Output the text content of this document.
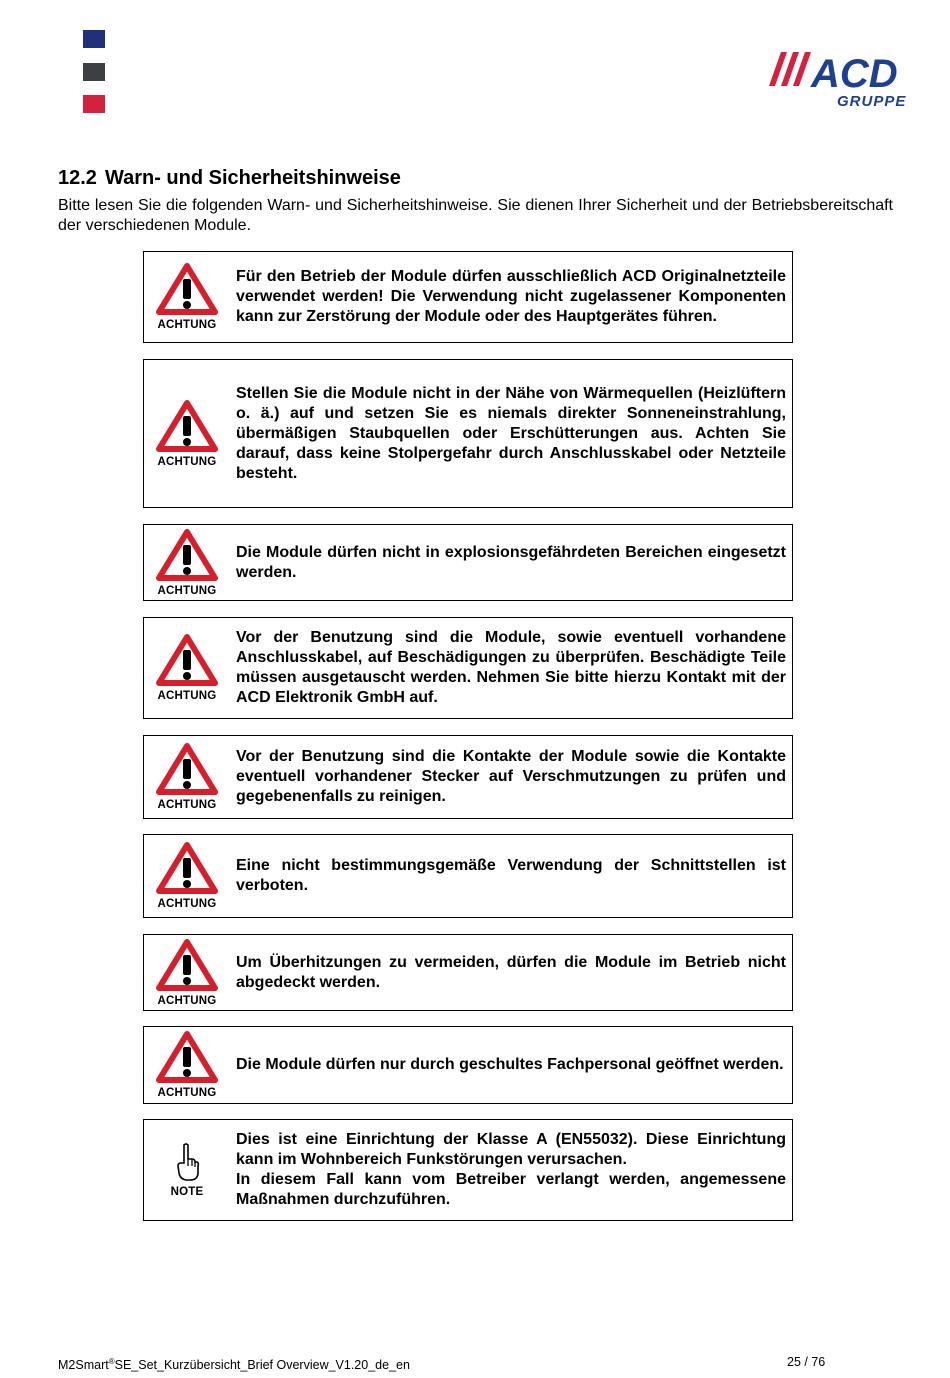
ACD
GRUPPE
12.2 Warn- und Sicherheitshinweise

Bitte lesen Sie die folgenden Warn- und Sicherheitshinweise. Sie dienen Ihrer Sicherheit und der Betriebsbereitschaft der verschiedenen Module.

ACHTUNG

Für den Betrieb der Module dürfen ausschließlich ACD Originalnetzteile verwendet werden! Die Verwendung nicht zugelassener Komponenten kann zur Zerstörung der Module oder des Hauptgerätes führen.

ACHTUNG

Stellen Sie die Module nicht in der Nähe von Wärmequellen (Heizlüftern o. ä.) auf und setzen Sie es niemals direkter Sonneneinstrahlung, übermäßigen Staubquellen oder Erschütterungen aus. Achten Sie darauf, dass keine Stolpergefahr durch Anschlusskabel oder Netzteile besteht.

ACHTUNG

Die Module dürfen nicht in explosionsgefährdeten Bereichen eingesetzt werden.

ACHTUNG

Vor der Benutzung sind die Module, sowie eventuell vorhandene Anschlusskabel, auf Beschädigungen zu überprüfen. Beschädigte Teile müssen ausgetauscht werden. Nehmen Sie bitte hierzu Kontakt mit der ACD Elektronik GmbH auf.

ACHTUNG

Vor der Benutzung sind die Kontakte der Module sowie die Kontakte eventuell vorhandener Stecker auf Verschmutzungen zu prüfen und gegebenenfalls zu reinigen.

ACHTUNG

Eine nicht bestimmungsgemäße Verwendung der Schnittstellen ist verboten.

ACHTUNG

Um Überhitzungen zu vermeiden, dürfen die Module im Betrieb nicht abgedeckt werden.

ACHTUNG

Die Module dürfen nur durch geschultes Fachpersonal geöffnet werden.

NOTE

Dies ist eine Einrichtung der Klasse A (EN55032). Diese Einrichtung kann im Wohnbereich Funkstörungen verursachen.

In diesem Fall kann vom Betreiber verlangt werden, angemessene Maßnahmen durchzuführen.

M2Smart®SE_Set_Kurzübersicht_Brief Overview_V1.20_de_en	25 / 76
